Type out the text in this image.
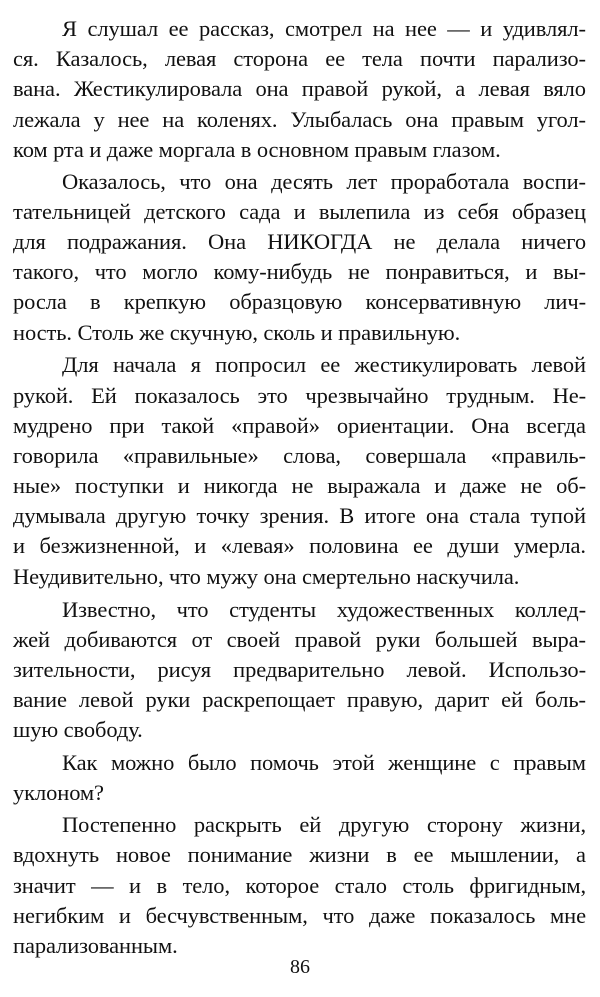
Я слушал ее рассказ, смотрел на нее — и удивлял-
ся. Казалось, левая сторона ее тела почти парализо-
вана. Жестикулировала она правой рукой, а левая вяло
лежала у нее на коленях. Улыбалась она правым угол-
ком рта и даже моргала в основном правым глазом.
Оказалось, что она десять лет проработала воспи-
тательницей детского сада и вылепила из себя образец
для подражания. Она НИКОГДА не делала ничего
такого, что могло кому-нибудь не понравиться, и вы-
росла в крепкую образцовую консервативную лич-
ность. Столь же скучную, сколь и правильную.
Для начала я попросил ее жестикулировать левой
рукой. Ей показалось это чрезвычайно трудным. Не-
мудрено при такой «правой» ориентации. Она всегда
говорила «правильные» слова, совершала «правиль-
ные» поступки и никогда не выражала и даже не об-
думывала другую точку зрения. В итоге она стала тупой
и безжизненной, и «левая» половина ее души умерла.
Неудивительно, что мужу она смертельно наскучила.
Известно, что студенты художественных коллед-
жей добиваются от своей правой руки большей выра-
зительности, рисуя предварительно левой. Использо-
вание левой руки раскрепощает правую, дарит ей боль-
шую свободу.
Как можно было помочь этой женщине с правым
уклоном?
Постепенно раскрыть ей другую сторону жизни,
вдохнуть новое понимание жизни в ее мышлении, а
значит — и в тело, которое стало столь фригидным,
негибким и бесчувственным, что даже показалось мне
парализованным.
86
